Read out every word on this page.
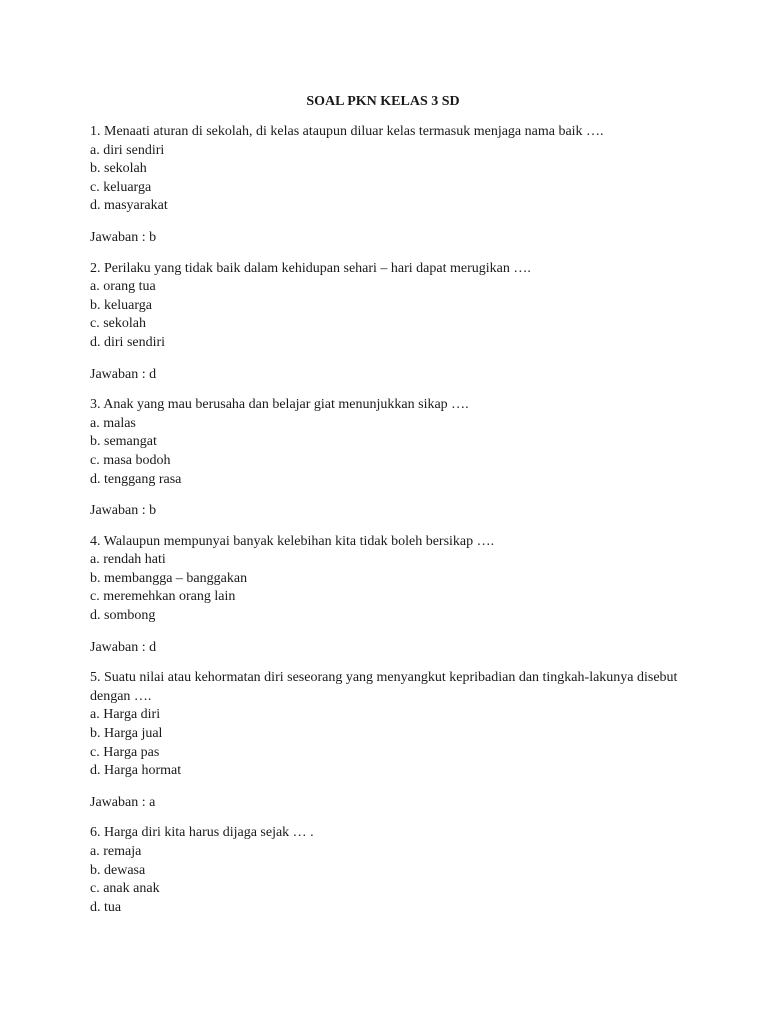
SOAL PKN KELAS 3 SD
1. Menaati aturan di sekolah, di kelas ataupun diluar kelas termasuk menjaga nama baik ….
a. diri sendiri
b. sekolah
c. keluarga
d. masyarakat
Jawaban : b
2. Perilaku yang tidak baik dalam kehidupan sehari – hari dapat merugikan ….
a. orang tua
b. keluarga
c. sekolah
d. diri sendiri
Jawaban : d
3. Anak yang mau berusaha dan belajar giat menunjukkan sikap ….
a. malas
b. semangat
c. masa bodoh
d. tenggang rasa
Jawaban : b
4. Walaupun mempunyai banyak kelebihan kita tidak boleh bersikap ….
a. rendah hati
b. membangga – banggakan
c. meremehkan orang lain
d. sombong
Jawaban : d
5. Suatu nilai atau kehormatan diri seseorang yang menyangkut kepribadian dan tingkah-lakunya disebut dengan ….
a. Harga diri
b. Harga jual
c. Harga pas
d. Harga hormat
Jawaban : a
6. Harga diri kita harus dijaga sejak … .
a. remaja
b. dewasa
c. anak anak
d. tua
